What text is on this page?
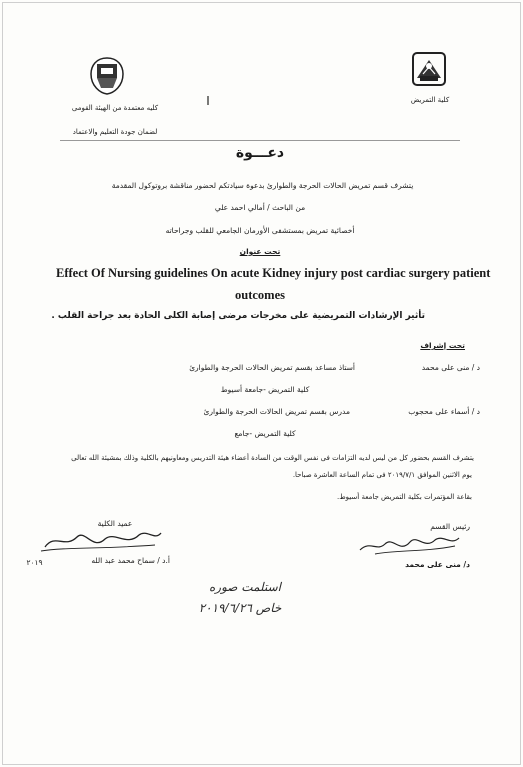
كلية التمريض
كليه معتمدة من الهيئة القومى
لضمان جودة التعليم والاعتماد
دعـــوة
يتشرف قسم تمريض الحالات الحرجة والطوارئ بدعوة سيادتكم لحضور مناقشة بروتوكول المقدمة
من الباحث / أمالي احمد علي
أخصائية تمريض بمستشفى الأورمان الجامعي للقلب وجراحاته
تحت عنوان
Effect Of Nursing guidelines On acute Kidney injury post cardiac surgery patient
outcomes
تأثير الإرشادات التمريضية على مخرجات مرضى إصابة الكلى الحادة بعد جراحة القلب .
تحت إشراف
د / منى على محمد
أستاذ مساعد بقسم تمريض الحالات الحرجة والطوارئ
كلية التمريض -جامعة أسيوط
د / أسماء على محجوب
مدرس بقسم تمريض الحالات الحرجة والطوارئ
كلية التمريض -جامع
يتشرف القسم بحضور كل من ليس لديه التزامات فى نفس الوقت من السادة أعضاء هيئة التدريس ومعاونيهم بالكلية وذلك بمشيئة الله تعالى
يوم الاثنين الموافق ٢٠١٩/٧/١ فى تمام الساعة العاشرة صباحا.
بقاعة المؤتمرات بكلية التمريض جامعة أسيوط.
رئيس القسم
د/ منى على محمد
عميد الكلية
٢٠١٩	أ.د / سماح محمد عبد الله
استلمت صوره
خاص ٢٠١٩/٦/٢٦
